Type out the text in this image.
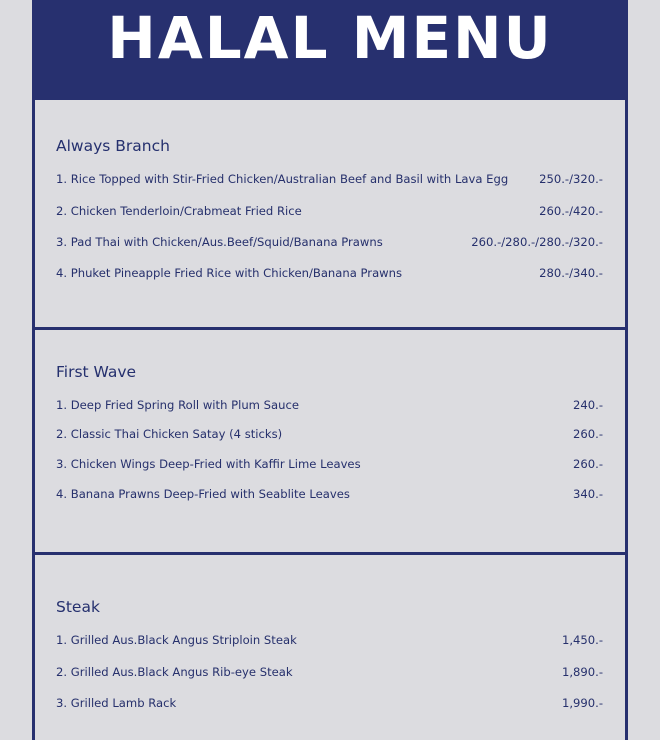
HALAL MENU
Always Branch
1. Rice Topped with Stir-Fried Chicken/Australian Beef and Basil with Lava Egg	250.-/320.-
2. Chicken Tenderloin/Crabmeat Fried Rice	260.-/420.-
3. Pad Thai with Chicken/Aus.Beef/Squid/Banana Prawns	260.-/280.-/280.-/320.-
4. Phuket Pineapple Fried Rice with Chicken/Banana Prawns	280.-/340.-
First Wave
1. Deep Fried Spring Roll with Plum Sauce	240.-
2. Classic Thai Chicken Satay (4 sticks)	260.-
3. Chicken Wings Deep-Fried with Kaffir Lime Leaves	260.-
4. Banana Prawns Deep-Fried with Seablite Leaves	340.-
Steak
1. Grilled Aus.Black Angus Striploin Steak	1,450.-
2. Grilled Aus.Black Angus Rib-eye Steak	1,890.-
3. Grilled Lamb Rack	1,990.-
